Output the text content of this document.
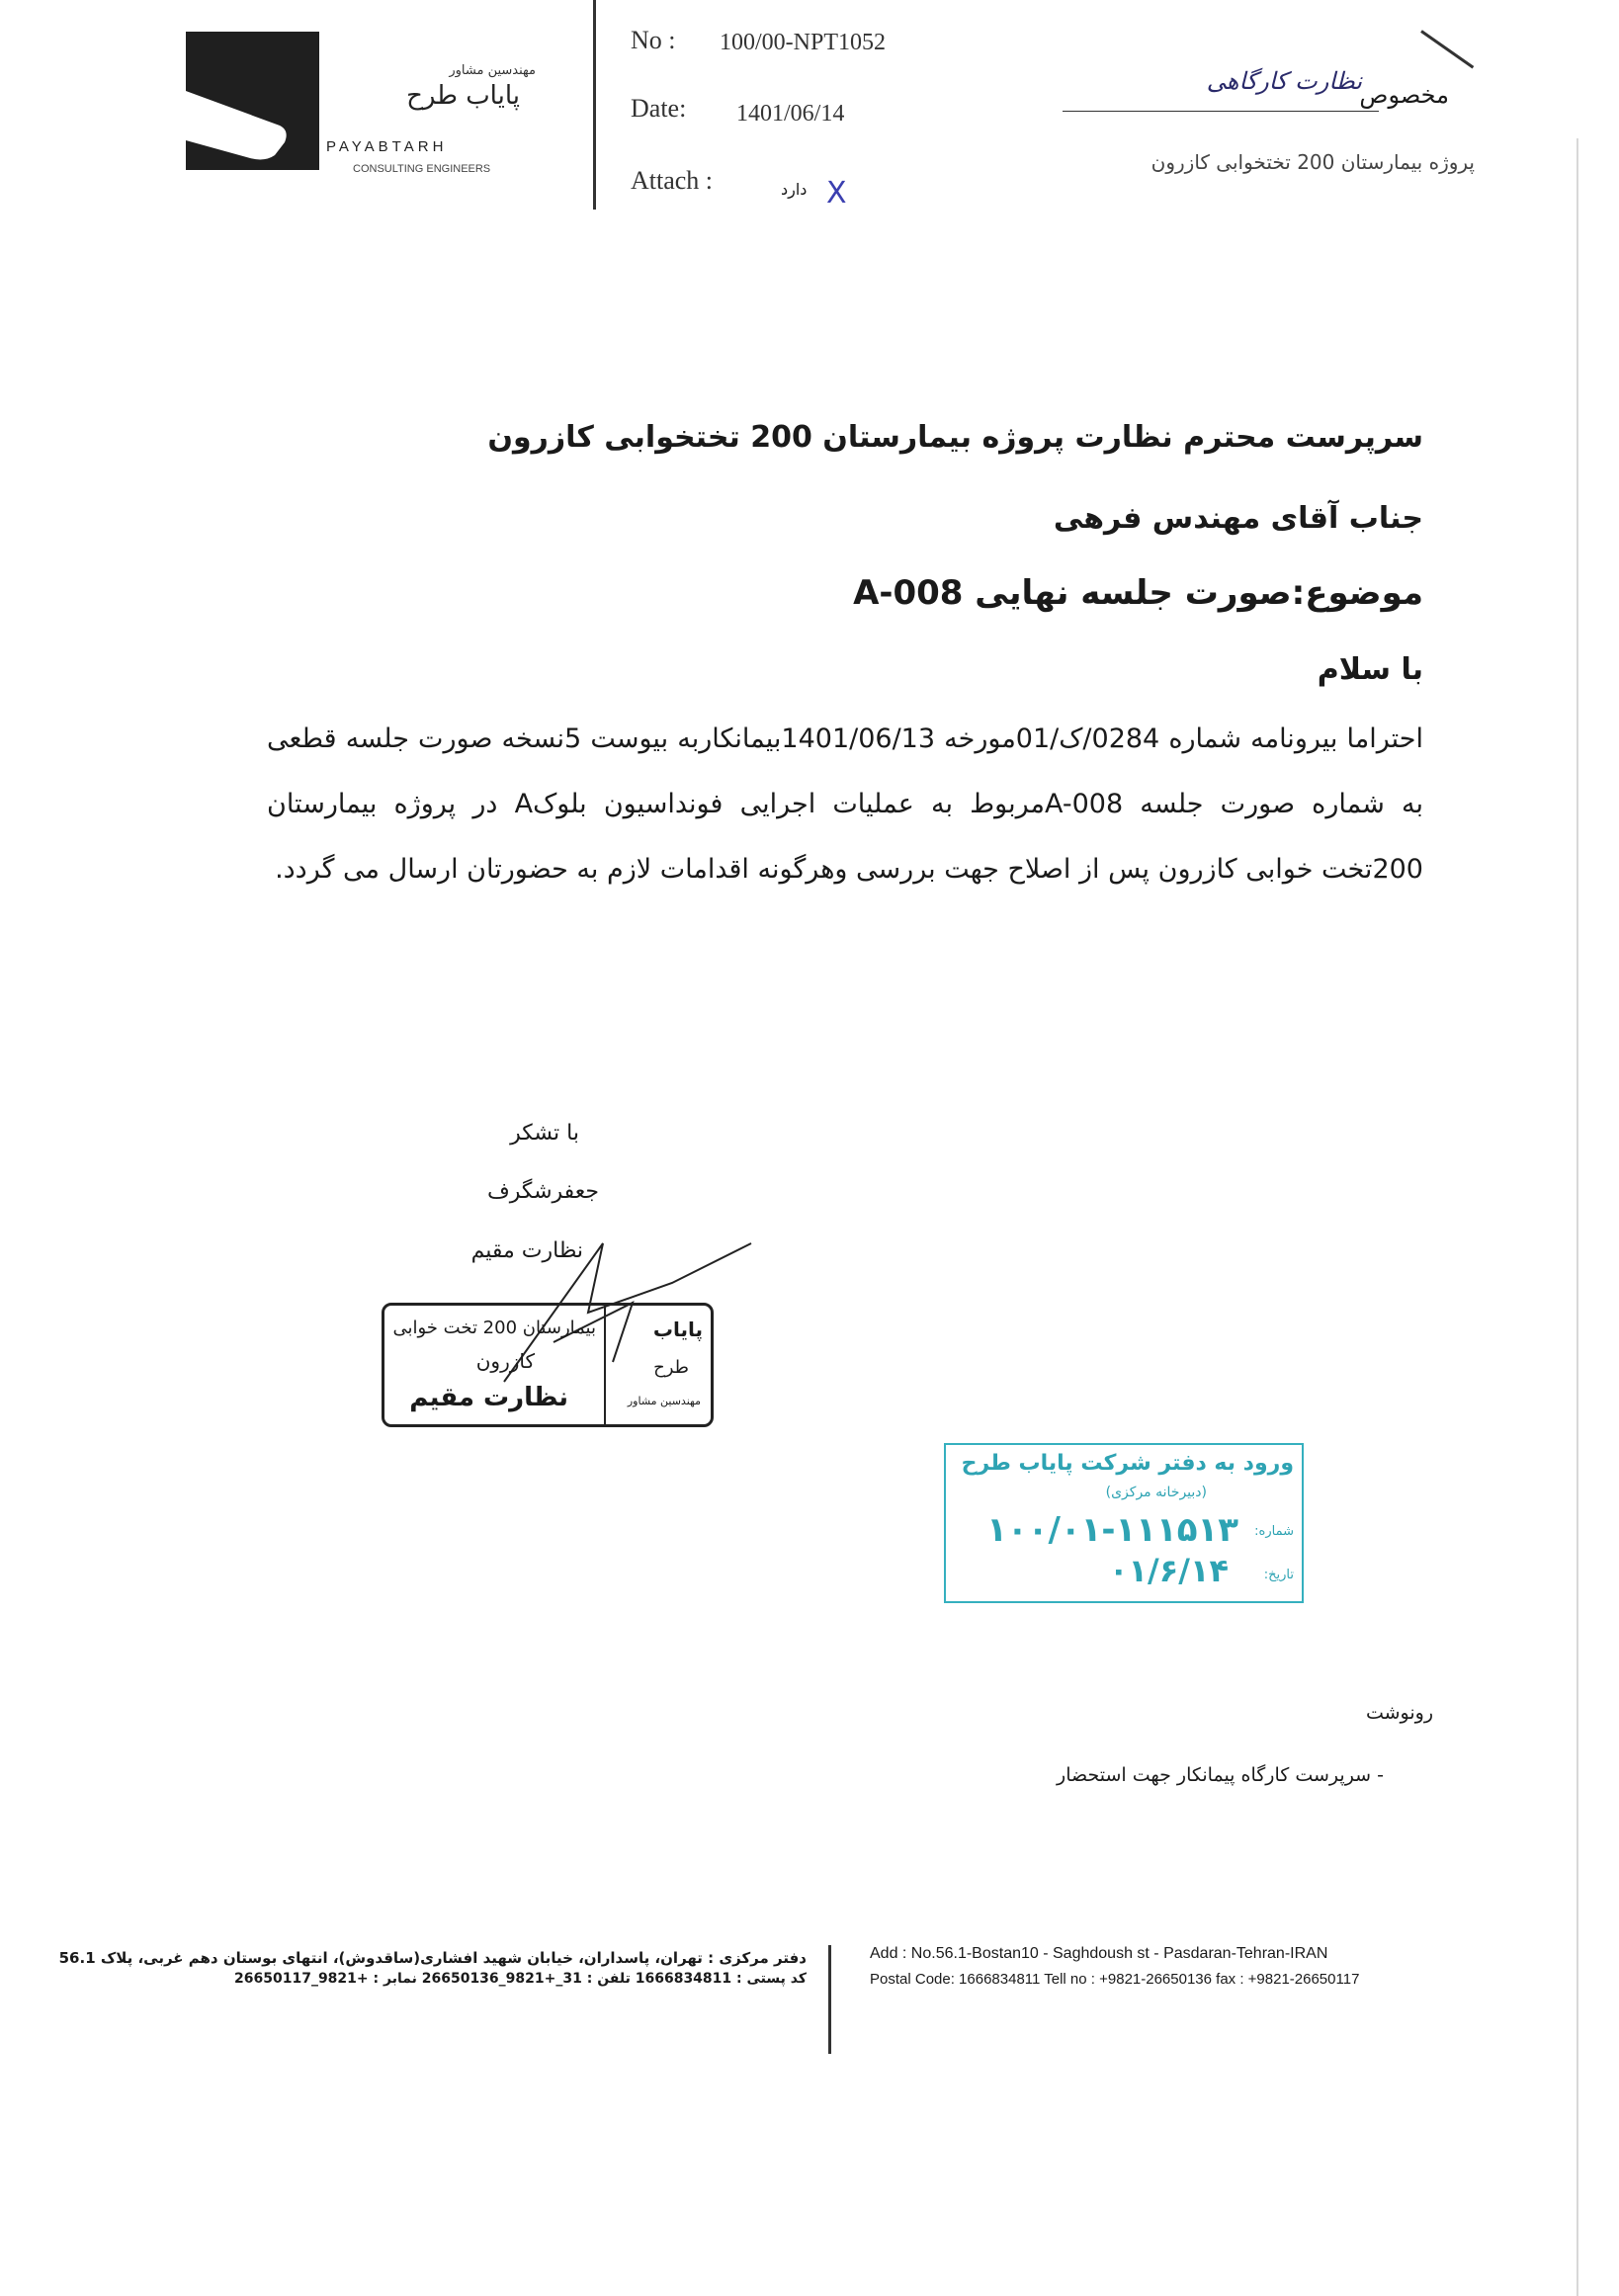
مهندسین مشاور
پایاب طرح
PAYABTARH
CONSULTING ENGINEERS
No : 100/00-NPT1052
Date: 1401/06/14
Attach :	دارد X
مخصوص
نظارت کارگاهی
پروژه بیمارستان 200 تختخوابی کازرون
سرپرست محترم نظارت پروژه بیمارستان 200 تختخوابی کازرون
جناب آقای مهندس فرهی
موضوع:صورت جلسه نهایی A-008
با سلام
احتراما بیرونامه شماره 0284/ک/01مورخه 1401/06/13بیمانکاربه بیوست 5نسخه صورت جلسه قطعی به شماره صورت جلسه A-008مربوط به عملیات اجرایی فونداسیون بلوکA در پروژه بیمارستان 200تخت خوابی کازرون پس از اصلاح جهت بررسی وهرگونه اقدامات لازم به حضورتان ارسال می گردد.
با تشکر
جعفرشگرف
نظارت مقیم
بیمارستان 200 تخت خوابی
کازرون
نظارت مقیم
پایاب
طرح
مهندسین مشاور
ورود به دفتر شرکت پایاب طرح
(دبیرخانه مرکزی)
شماره:
۱۰۰/۰۱-۱۱۱۵۱۳
تاریخ:
۰۱/۶/۱۴
رونوشت
- سرپرست کارگاه پیمانکار جهت استحضار
دفتر مرکزی : تهران، پاسداران، خیابان شهید افشاری(ساقدوش)، انتهای بوستان دهم غربی، پلاک 56.1
کد پستی : 1666834811 تلفن : 31_+9821_26650136 نمابر : +9821_26650117
Add : No.56.1-Bostan10 - Saghdoush st - Pasdaran-Tehran-IRAN
Postal Code: 1666834811 Tell no : +9821-26650136 fax : +9821-26650117
